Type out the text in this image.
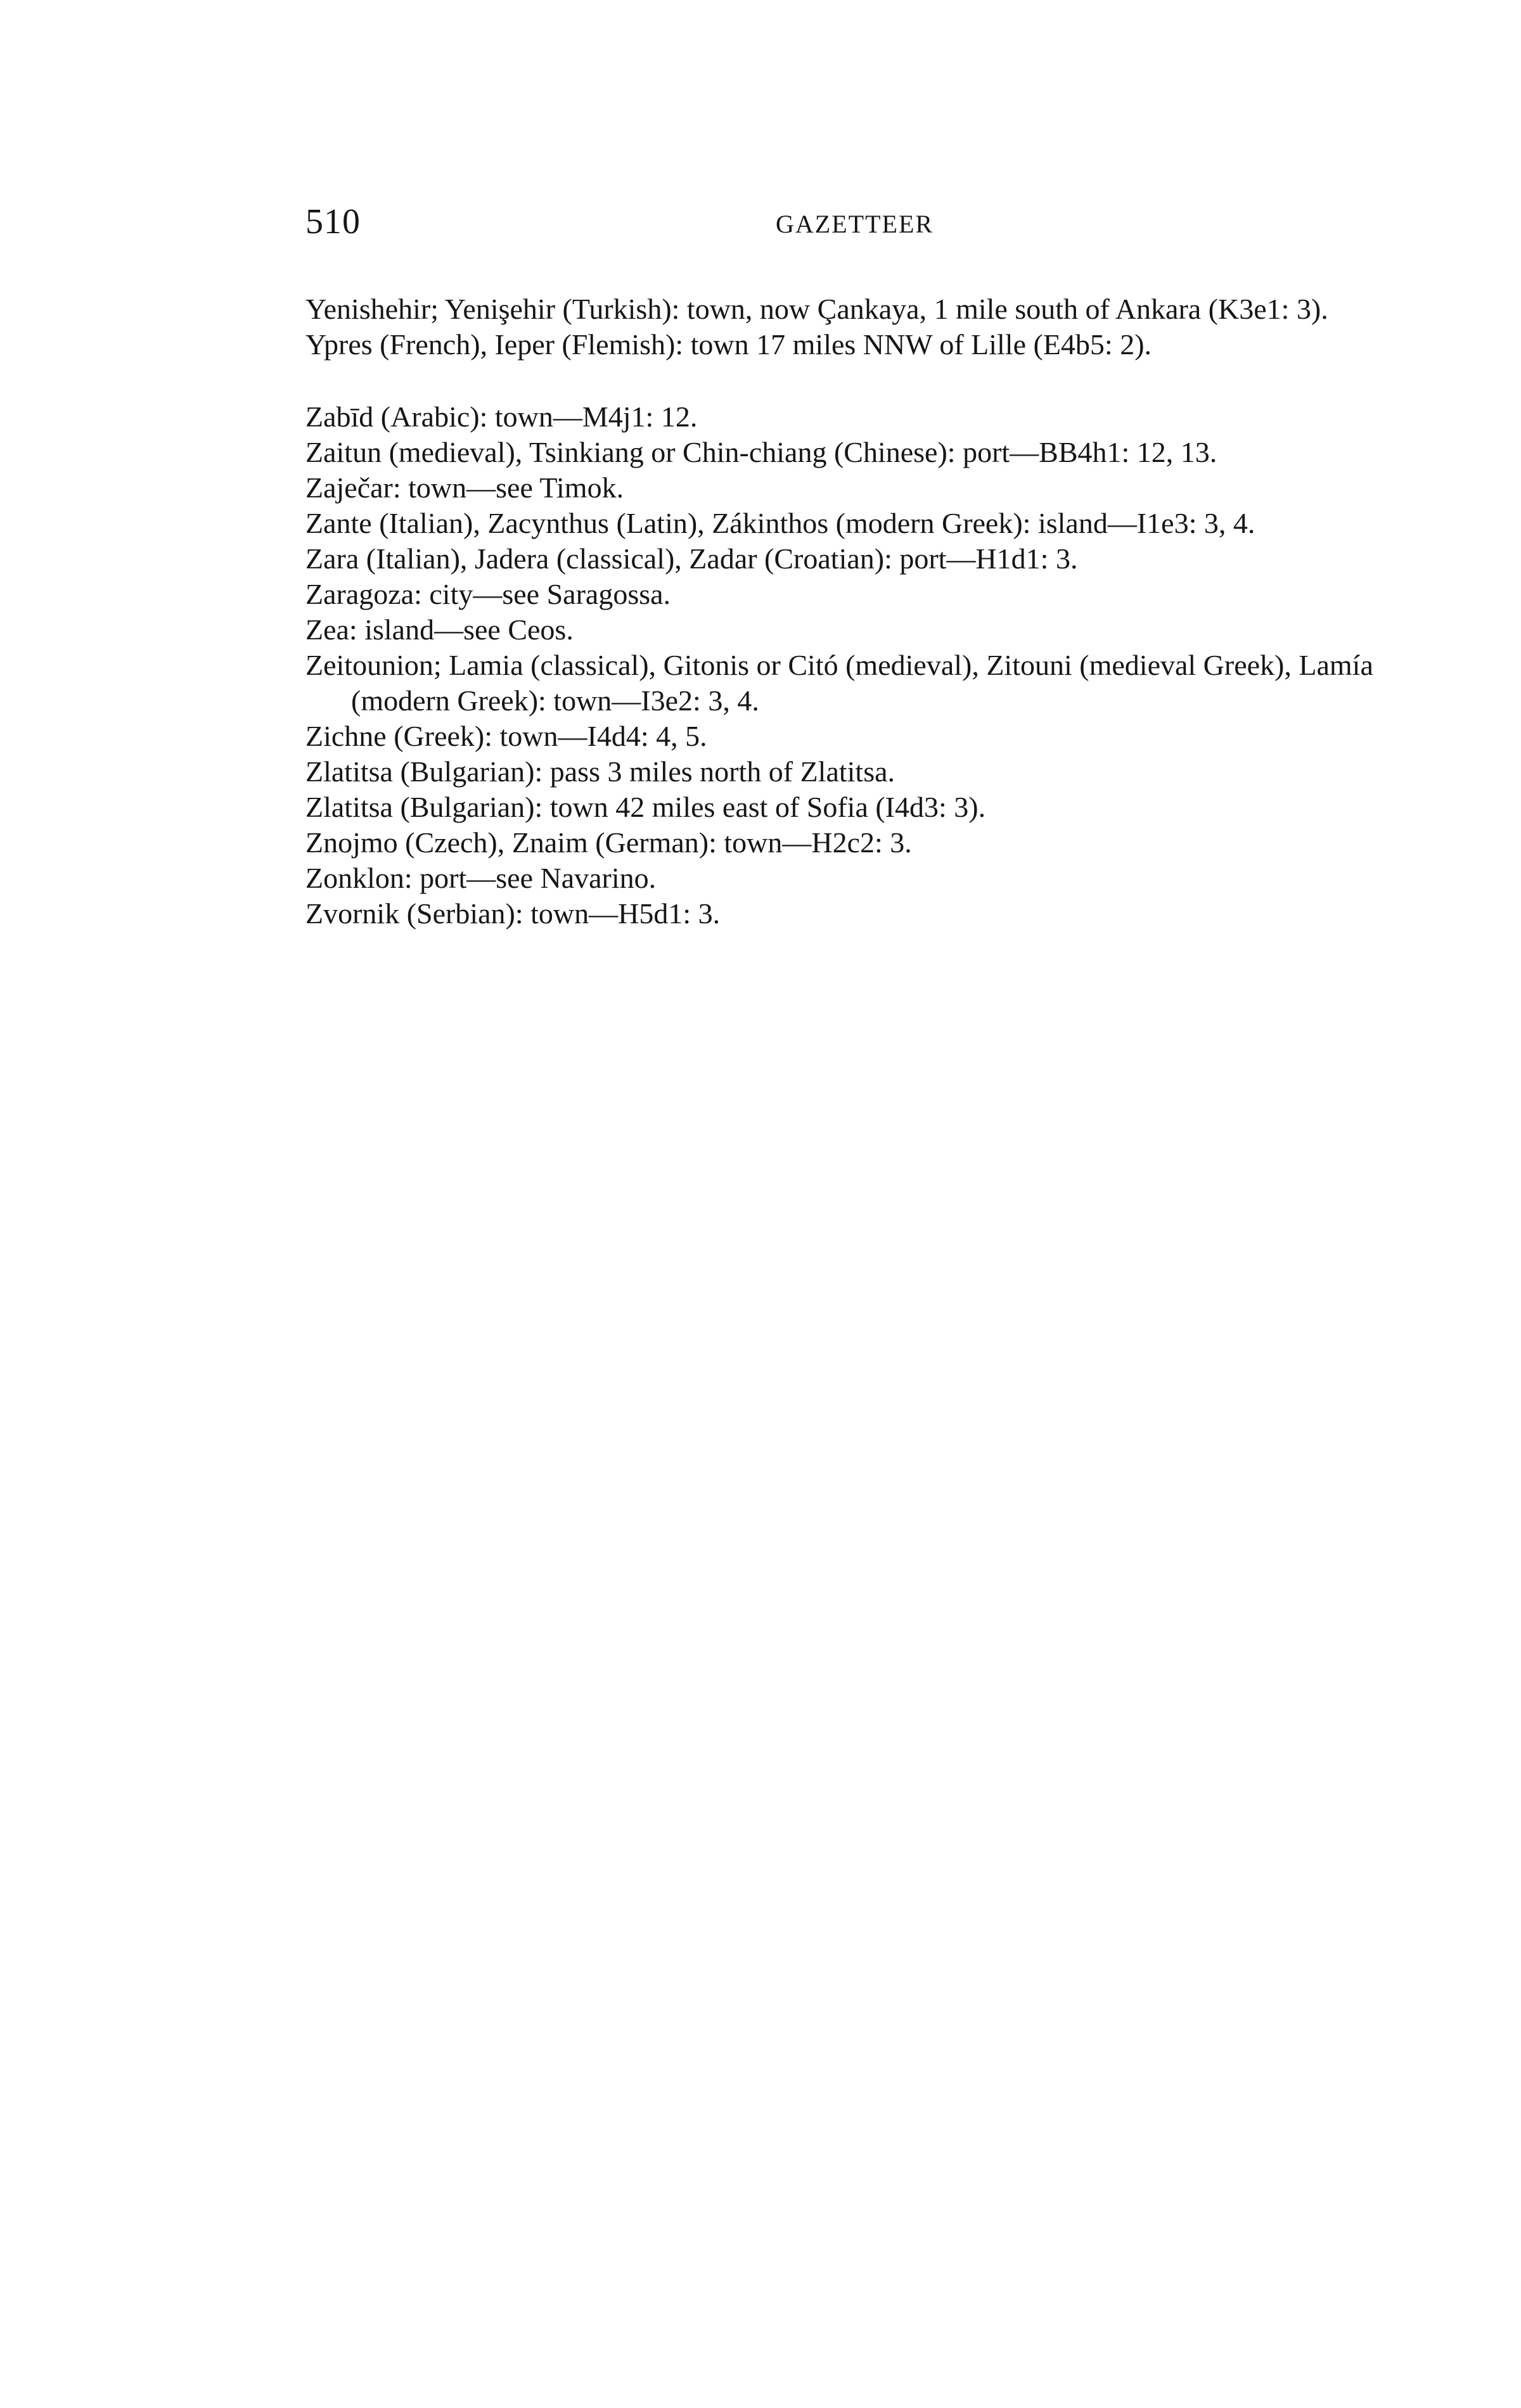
510	GAZETTEER
Yenishehir; Yenişehir (Turkish): town, now Çankaya, 1 mile south of Ankara (K3e1: 3).
Ypres (French), Ieper (Flemish): town 17 miles NNW of Lille (E4b5: 2).
Zabīd (Arabic): town—M4j1: 12.
Zaitun (medieval), Tsinkiang or Chin-chiang (Chinese): port—BB4h1: 12, 13.
Zaječar: town—see Timok.
Zante (Italian), Zacynthus (Latin), Zákinthos (modern Greek): island—I1e3: 3, 4.
Zara (Italian), Jadera (classical), Zadar (Croatian): port—H1d1: 3.
Zaragoza: city—see Saragossa.
Zea: island—see Ceos.
Zeitounion; Lamia (classical), Gitonis or Citó (medieval), Zitouni (medieval Greek), Lamía (modern Greek): town—I3e2: 3, 4.
Zichne (Greek): town—I4d4: 4, 5.
Zlatitsa (Bulgarian): pass 3 miles north of Zlatitsa.
Zlatitsa (Bulgarian): town 42 miles east of Sofia (I4d3: 3).
Znojmo (Czech), Znaim (German): town—H2c2: 3.
Zonklon: port—see Navarino.
Zvornik (Serbian): town—H5d1: 3.
